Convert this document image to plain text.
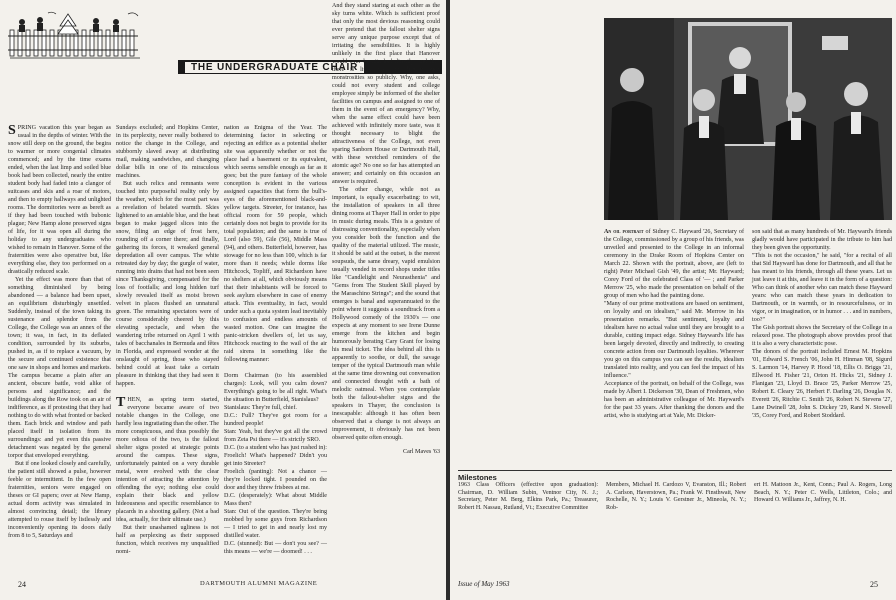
THE UNDERGRADUATE CHAIR

SPRING vacation this year began as usual in the depths of winter. With the snow still deep on the ground, the begira to warmer or more congenial climates commenced; and by the time exams ended, when the last limp and soiled blue book had been collected, nearly the entire student body had faded into a clangor of suitcases and skis and a roar of motors, and then to empty hallways and unlighted rooms. The dormitories were as bereft as if they had been touched with bubonic plague; New Hamp alone preserved signs of life, for it was open all during the holiday to any undergraduates who wished to remain in Hanover. Some of the fraternities were also operative but, like everything else, they too performed on a drastically reduced scale.

Yet the effect was more than that of something diminished by being abandoned — a balance had been upset, an equilibrium disturbingly unsettled. Suddenly, instead of the town taking its sustenance and splendor from the College, the College was an annex of the town; it was, in fact, in its deflated condition, surrounded by its suburbs, pushed in, as if to replace a vacuum, by the secure and continued existence that one saw in shops and homes and markets. The campus became a plain after an ancient, obscure battle, void alike of persons and significance; and the buildings along the Row took on an air of indifference, as if protesting that they had nothing to do with what fronted or backed them. Each brick and window and path placed itself in isolation from its surroundings: and yet even this passive detachment was negated by the general torpor that enveloped everything.

But if one looked closely and carefully, the patient still showed a pulse, however feeble or intermittent. In the few open fraternities, seniors were engaged on theses or GI papers; over at New Hamp, actual dorm activity was simulated in almost convincing detail; the library attempted to rouse itself by listlessly and inconveniently opening its doors daily from 8 to 5, Saturdays and

Sundays excluded; and Hopkins Center, in its perplexity, never really bothered to notice the change in the College, and stubbornly slaved away at distributing mail, making sandwiches, and changing dollar bills in one of its miraculous machines.

But such relics and remnants were touched into purposeful reality only by the weather, which for the most part was a revelation of belated warmth. Skies lightened to an amiable blue, and the heat began to make jagged slices into the snow, filing an edge of frost here, rounding off a corner there; and finally, gathering its forces, it wreaked general depredation all over campus. The white retreated day by day; the gurgle of water, running into drains that had not been seen since Thanksgiving, compensated for the loss of footfalls; and long hidden turf slowly revealed itself as moist brown velvet in places flushed an unnatural green. The remaining spectators were of course considerably cheered by this elevating spectacle, and when the wandering tribe returned on April 1 with tales of bacchanales in Bermuda and fêtes in Florida, and expressed wonder at the onslaught of spring, those who stayed behind could at least take a certain pleasure in thinking that they had seen it happen.

THEN, as spring term started, everyone became aware of two notable changes in the College, one hardly less ingratiating than the other. The more conspicuous, and thus possibly the more odious of the two, is the fallout shelter signs posted at strategic points around the campus. These signs, unfortunately painted on a very durable metal, were evolved with the clear intention of attracting the attention by offending the eye; nothing else could explain their black and yellow hideousness and specific resemblance to placards in a shooting gallery. (Not a bad idea, actually, for their ultimate use.)

But their unashamed ugliness is not half as perplexing as their supposed function, which receives my unqualified nomi-

nation as Enigma of the Year. The determining factor in selecting or rejecting an edifice as a potential shelter site was apparently whether or not the place had a basement or its equivalent, which seems sensible enough as far as it goes; but the pure fantasy of the whole conception is evident in the various assigned capacities that form the bull's-eyes of the aforementioned black-and-yellow targets. Streeter, for instance, has official room for 59 people, which certainly does not begin to provide for its total population; and the same is true of Lord (also 59), Gile (56), Middle Mass (94), and others. Butterfield, however, has stowage for no less than 100, which is far more than it needs; while dorms like Hitchcock, Topliff, and Richardson have no shelters at all, which obviously means that their inhabitants will be forced to seek asylum elsewhere in case of enemy attack. This eventuality, in fact, would under such a quota system lead inevitably to confusion and endless amounts of wasted motion. One can imagine the panic-stricken dwellers of, let us say, Hitchcock reacting to the wail of the air raid sirens in something like the following manner:

Dorm Chairman (to his assembled charges): Look, will you calm down? Everything's going to be all right. What's the situation in Butterfield, Stanislaus?

Stanislaus: They're full, chief.

D.C.: Full? They've got room for a hundred people!

Stan: Yeah, but they've got all the crowd from Zeta Psi there — it's strictly SRO.

D.C. (to a student who has just rushed in): Froelich! What's happened? Didn't you get into Streeter?

Froelich (panting): Not a chance — they're locked tight. I pounded on the door and they threw frisbees at me.

D.C. (desperately): What about Middle Mass then?

Stan: Out of the question. They're being mobbed by some guys from Richardson — I tried to get in and nearly lost my distilled water.

D.C. (stunned): But — don't you see? — this means — we're — doomed! . . .

And they stand staring at each other as the sky turns white. Which is sufficient proof that only the most devious reasoning could ever pretend that the fallout shelter signs serve any unique purpose except that of irritating the sensibilities. It is highly unlikely in the first place that Hanover would ever be attacked directly; and thus there is little need to display such monstrosities so publicly. Why, one asks, could not every student and college employee simply be informed of the shelter facilities on campus and assigned to one of them in the event of an emergency? Why, when the same effect could have been achieved with infinitely more taste, was it thought necessary to blight the attractiveness of the College, not even sparing Sanborn House or Dartmouth Hall, with these wretched reminders of the atomic age? No one so far has attempted an answer; and certainly on this occasion an answer is required.

The other change, while not as important, is equally exacerbating: to wit, the installation of speakers in all three dining rooms at Thayer Hall in order to pipe in music during meals. This is a gesture of distressing conventionality, especially when you consider both the function and the quality of the material utilized. The music, it should be said at the outset, is the merest soupsuds, the same dreary, vapid emulsion usually vended in record shops under titles like "Candlelight and Neurasthenia" and "Gems from The Student Skill played by the Maraschino Strings"; and the sound that emerges is banal and superannuated to the point where it suggests a soundtrack from a Hollywood comedy of the 1930's — one expects at any moment to see Irene Dunne emerge from the kitchen and begin humorously berating Cary Grant for losing his meal ticket. The idea behind all this is apparently to soothe, or dull, the savage temper of the typical Dartmouth man while at the same time drowning out conversation and connected thought with a bath of melodic oatmeal. When you contemplate both the fallout-shelter signs and the speakers in Thayer, the conclusion is inescapable: although it has often been observed that a change is not always an improvement, it obviously has not been observed quite often enough.

Carl Maves '63
24	DARTMOUTH ALUMNI MAGAZINE
An oil portrait of Sidney C. Hayward '26, Secretary of the College, commissioned by a group of his friends, was unveiled and presented to the College in an informal ceremony in the Drake Room of Hopkins Center on March 22. Shown with the portrait, above, are (left to right) Peter Michael Gish '49, the artist; Mr. Hayward; Corey Ford of the celebrated Class of '— ; and Parker Merrow '25, who made the presentation on behalf of the group of men who had the painting done.
"Many of our prime motivations are based on sentiment, on loyalty and on idealism," said Mr. Merrow in his presentation remarks. "But sentiment, loyalty and idealism have no actual value until they are brought to a durable, cutting impact edge. Sidney Hayward's life has been largely devoted, directly and indirectly, to creating concrete action from our Dartmouth loyalties. Wherever you go on this campus you can see the results, idealism translated into reality, and you can feel the impact of his influence."
Acceptance of the portrait, on behalf of the College, was made by Albert I. Dickerson '30, Dean of Freshmen, who has been an administrative colleague of Mr. Hayward's for the past 33 years. After thanking the donors and the artist, who is studying art at Yale, Mr. Dicker-
son said that as many hundreds of Mr. Hayward's friends gladly would have participated in the tribute to him had they been given the opportunity.
"This is not the occasion," he said, "for a recital of all that Sid Hayward has done for Dartmouth, and all that he has meant to his friends, through all these years. Let us just leave it at this, and leave it in the form of a question: Who can think of another who can match these Hayward years: who can match these years in dedication to Dartmouth, or in warmth, or in resourcefulness, or in vigor, or in imagination, or in humor . . . and in numbers, too?"
The Gish portrait shows the Secretary of the College in a relaxed pose. The photograph above provides proof that it is also a very characteristic pose.
The donors of the portrait included Ernest M. Hopkins '01, Edward S. French '06, John H. Hinman '08, Sigurd S. Larmon '14, Harvey P. Hood '18, Ellis O. Briggs '21, Ellwood H. Fisher '21, Orton H. Hicks '21, Sidney J. Flanigan '23, Lloyd D. Brace '25, Parker Merrow '25, Robert E. Cleary '26, Herbert F. Darling '26, Douglas N. Everett '26, Ritchie C. Smith '26, Robert N. Stevens '27, Lane Dwinell '28, John S. Dickey '29, Rand N. Stowell '35, Corey Ford, and Robert Stoddard.
Milestones
1963 Class Officers (effective upon graduation): Chairman, D. William Subin, Ventnor City, N. J.; Secretary, Peter M. Berg, Elkins Park, Pa.; Treasurer, Robert H. Nassau, Rutland, Vt.; Executive Committee
Members, Michael H. Cardozo V, Evanston, Ill.; Robert A. Carlson, Haverstown, Pa.; Frank W. Finsthwait, New Rochelle, N. Y.; Louis V. Gerstner Jr., Mineola, N. Y.; Rob-
ert H. Mattoon Jr., Kent, Conn.; Paul A. Rogers, Long Beach, N. Y.; Peter C. Wells, Littleton, Colo.; and Howard O. Williams Jr., Jaffrey, N. H.
Issue of May 1963	25
